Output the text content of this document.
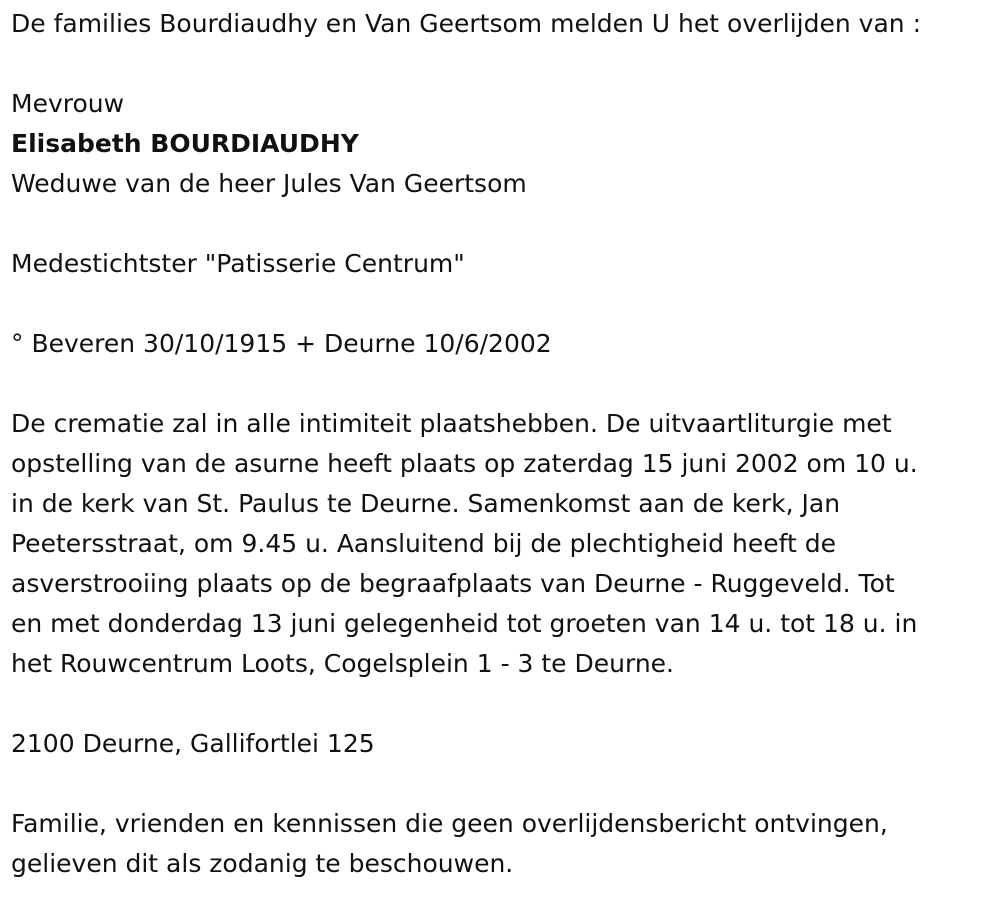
De families Bourdiaudhy en Van Geertsom melden U het overlijden van :

Mevrouw

Elisabeth BOURDIAUDHY

Weduwe van de heer Jules Van Geertsom

Medestichtster "Patisserie Centrum"

° Beveren 30/10/1915 + Deurne 10/6/2002

De crematie zal in alle intimiteit plaatshebben. De uitvaartliturgie met
opstelling van de asurne heeft plaats op zaterdag 15 juni 2002 om 10 u.
in de kerk van St. Paulus te Deurne. Samenkomst aan de kerk, Jan
Peetersstraat, om 9.45 u. Aansluitend bij de plechtigheid heeft de
asverstrooiing plaats op de begraafplaats van Deurne - Ruggeveld. Tot
en met donderdag 13 juni gelegenheid tot groeten van 14 u. tot 18 u. in
het Rouwcentrum Loots, Cogelsplein 1 - 3 te Deurne.

2100 Deurne, Gallifortlei 125

Familie, vrienden en kennissen die geen overlijdensbericht ontvingen,
gelieven dit als zodanig te beschouwen.
